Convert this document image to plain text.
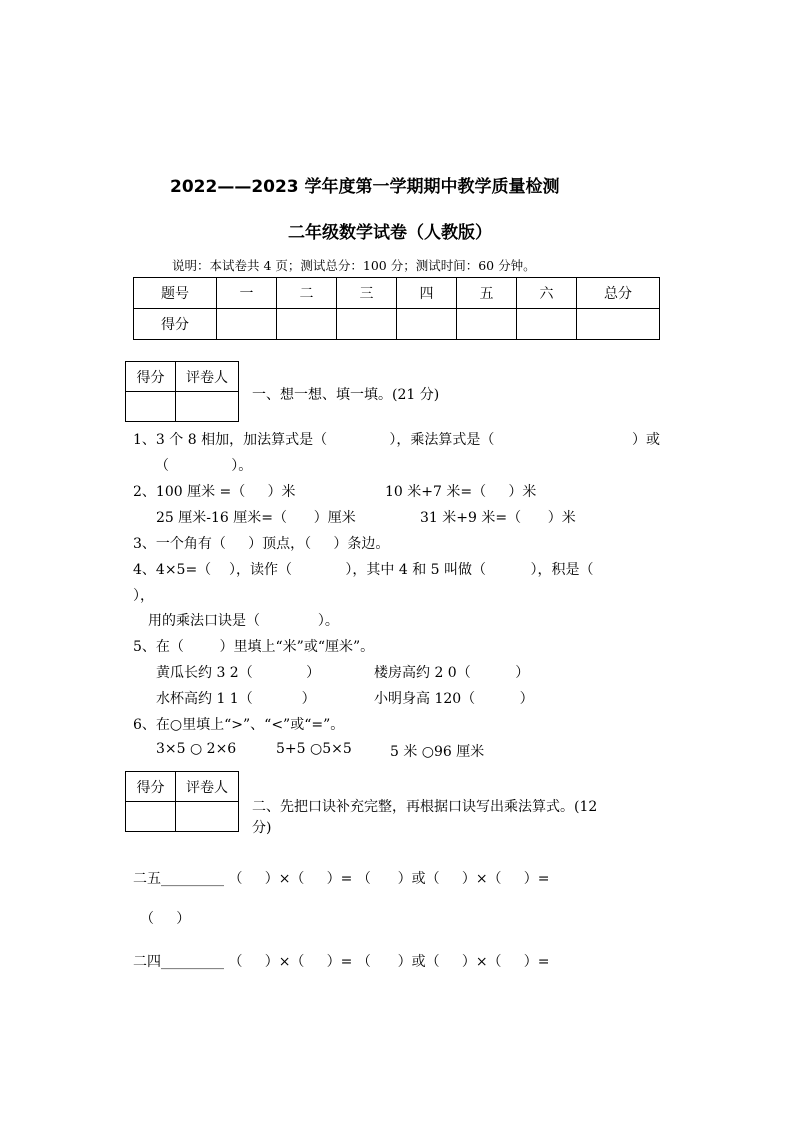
2022——2023 学年度第一学期期中教学质量检测
二年级数学试卷（人教版）
说明：本试卷共 4 页；测试总分：100 分；测试时间：60 分钟。
题号	一	二	三	四	五	六	总分
得分							
得分	评卷人

一、想一想、填一填。(21 分)
1、3 个 8 相加，加法算式是（              ），乘法算式是（	）或
（              ）。
2、100 厘米 =（     ）米	10 米+7 米=（     ）米
25 厘米-16 厘米=（      ）厘米	31 米+9 米=（      ）米
3、一个角有（     ）顶点，（     ）条边。
4、4×5=（    ），读作（            ），其中 4 和 5 叫做（          ），积是（
），
用的乘法口诀是（             ）。
5、在（        ）里填上“米”或“厘米”。
黄瓜长约 3 2（            ）	楼房高约 2 0（          ）
水杯高约 1 1（           ）	小明身高 120（          ）
6、在○里填上“>”、“<”或“=”。
3×5 ○ 2×6	5+5 ○5×5	5 米 ○96 厘米
得分	评卷人

二、先把口诀补充完整，再根据口诀写出乘法算式。(12
分)
二五_________ （     ）×（     ）= （      ）或（     ）×（     ）=
（     ）
二四_________ （     ）×（     ）= （      ）或（     ）×（     ）=
